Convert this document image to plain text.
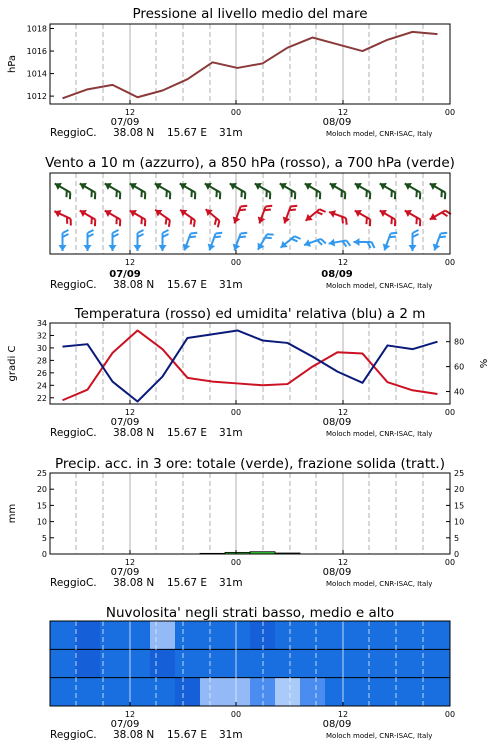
Pressione al livello medio del mare
hPa
1012
1014
1016
1018
12	00	12	00
07/09	08/09
ReggioC. 38.08 N 15.67 E 31m	Moloch model, CNR-ISAC, Italy
Vento a 10 m (azzurro), a 850 hPa (rosso), a 700 hPa (verde)
12	00	12	00
07/09	08/09
ReggioC. 38.08 N 15.67 E 31m	Moloch model, CNR-ISAC, Italy
Temperatura (rosso) ed umidita' relativa (blu) a 2 m
gradi C	%
22
24
26
28
30
32
34
40
60
80
12	00	12	00
07/09	08/09
ReggioC. 38.08 N 15.67 E 31m	Moloch model, CNR-ISAC, Italy
Precip. acc. in 3 ore: totale (verde), frazione solida (tratt.)
mm
0
5
10
15
20
25
0
5
10
15
20
25
12	00	12	00
07/09	08/09
ReggioC. 38.08 N 15.67 E 31m	Moloch model, CNR-ISAC, Italy
Nuvolosita' negli strati basso, medio e alto
12	00	12	00
07/09	08/09
ReggioC. 38.08 N 15.67 E 31m	Moloch model, CNR-ISAC, Italy
